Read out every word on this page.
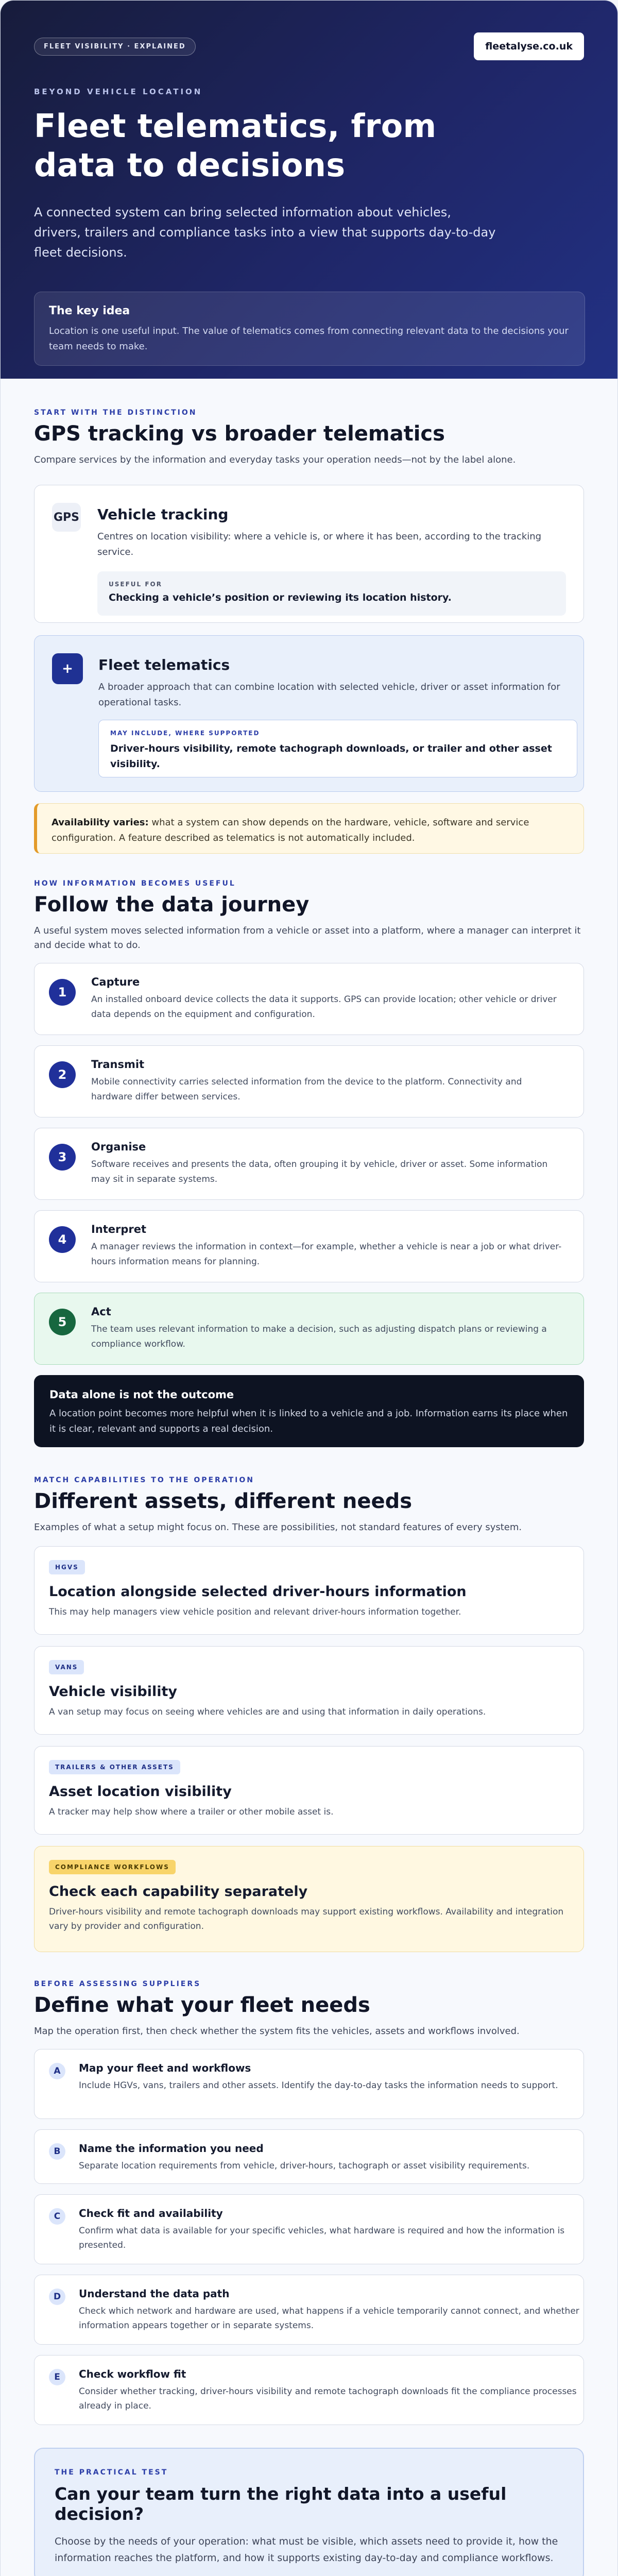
FLEET VISIBILITY · EXPLAINED	fleetalyse.co.uk
BEYOND VEHICLE LOCATION
Fleet telematics, from data to decisions

A connected system can bring selected information about vehicles, drivers, trailers and compliance tasks into a view that supports day-to-day fleet decisions.

The key idea

Location is one useful input. The value of telematics comes from connecting relevant data to the decisions your team needs to make.

START WITH THE DISTINCTION
GPS tracking vs broader telematics

Compare services by the information and everyday tasks your operation needs—not by the label alone.

GPS Vehicle tracking

Centres on location visibility: where a vehicle is, or where it has been, according to the tracking service.

USEFUL FOR
Checking a vehicle’s position or reviewing its location history.
+	Fleet telematics

A broader approach that can combine location with selected vehicle, driver or asset information for operational tasks.

MAY INCLUDE, WHERE SUPPORTED
Driver-hours visibility, remote tachograph downloads, or trailer and other asset visibility.
Availability varies: what a system can show depends on the hardware, vehicle, software and service configuration. A feature described as telematics is not automatically included.
HOW INFORMATION BECOMES USEFUL
Follow the data journey

A useful system moves selected information from a vehicle or asset into a platform, where a manager can interpret it and decide what to do.

1
Capture

An installed onboard device collects the data it supports. GPS can provide location; other vehicle or driver data depends on the equipment and configuration.

2
Transmit

Mobile connectivity carries selected information from the device to the platform. Connectivity and hardware differ between services.

3
Organise

Software receives and presents the data, often grouping it by vehicle, driver or asset. Some information may sit in separate systems.

4
Interpret

A manager reviews the information in context—for example, whether a vehicle is near a job or what driver-hours information means for planning.

5
Act

The team uses relevant information to make a decision, such as adjusting dispatch plans or reviewing a compliance workflow.

Data alone is not the outcome

A location point becomes more helpful when it is linked to a vehicle and a job. Information earns its place when it is clear, relevant and supports a real decision.

MATCH CAPABILITIES TO THE OPERATION
Different assets, different needs

Examples of what a setup might focus on. These are possibilities, not standard features of every system.

HGVS
Location alongside selected driver-hours information

This may help managers view vehicle position and relevant driver-hours information together.

VANS
Vehicle visibility

A van setup may focus on seeing where vehicles are and using that information in daily operations.

TRAILERS & OTHER ASSETS
Asset location visibility

A tracker may help show where a trailer or other mobile asset is.

COMPLIANCE WORKFLOWS
Check each capability separately

Driver-hours visibility and remote tachograph downloads may support existing workflows. Availability and integration vary by provider and configuration.

BEFORE ASSESSING SUPPLIERS
Define what your fleet needs

Map the operation first, then check whether the system fits the vehicles, assets and workflows involved.

A	Map your fleet and workflows

Include HGVs, vans, trailers and other assets. Identify the day-to-day tasks the information needs to support.

B	Name the information you need

Separate location requirements from vehicle, driver-hours, tachograph or asset visibility requirements.

C	Check fit and availability

Confirm what data is available for your specific vehicles, what hardware is required and how the information is presented.

D	Understand the data path

Check which network and hardware are used, what happens if a vehicle temporarily cannot connect, and whether information appears together or in separate systems.

E	Check workflow fit

Consider whether tracking, driver-hours visibility and remote tachograph downloads fit the compliance processes already in place.

THE PRACTICAL TEST
Can your team turn the right data into a useful decision?

Choose by the needs of your operation: what must be visible, which assets need to provide it, how the information reaches the platform, and how it supports existing day-to-day and compliance workflows.
